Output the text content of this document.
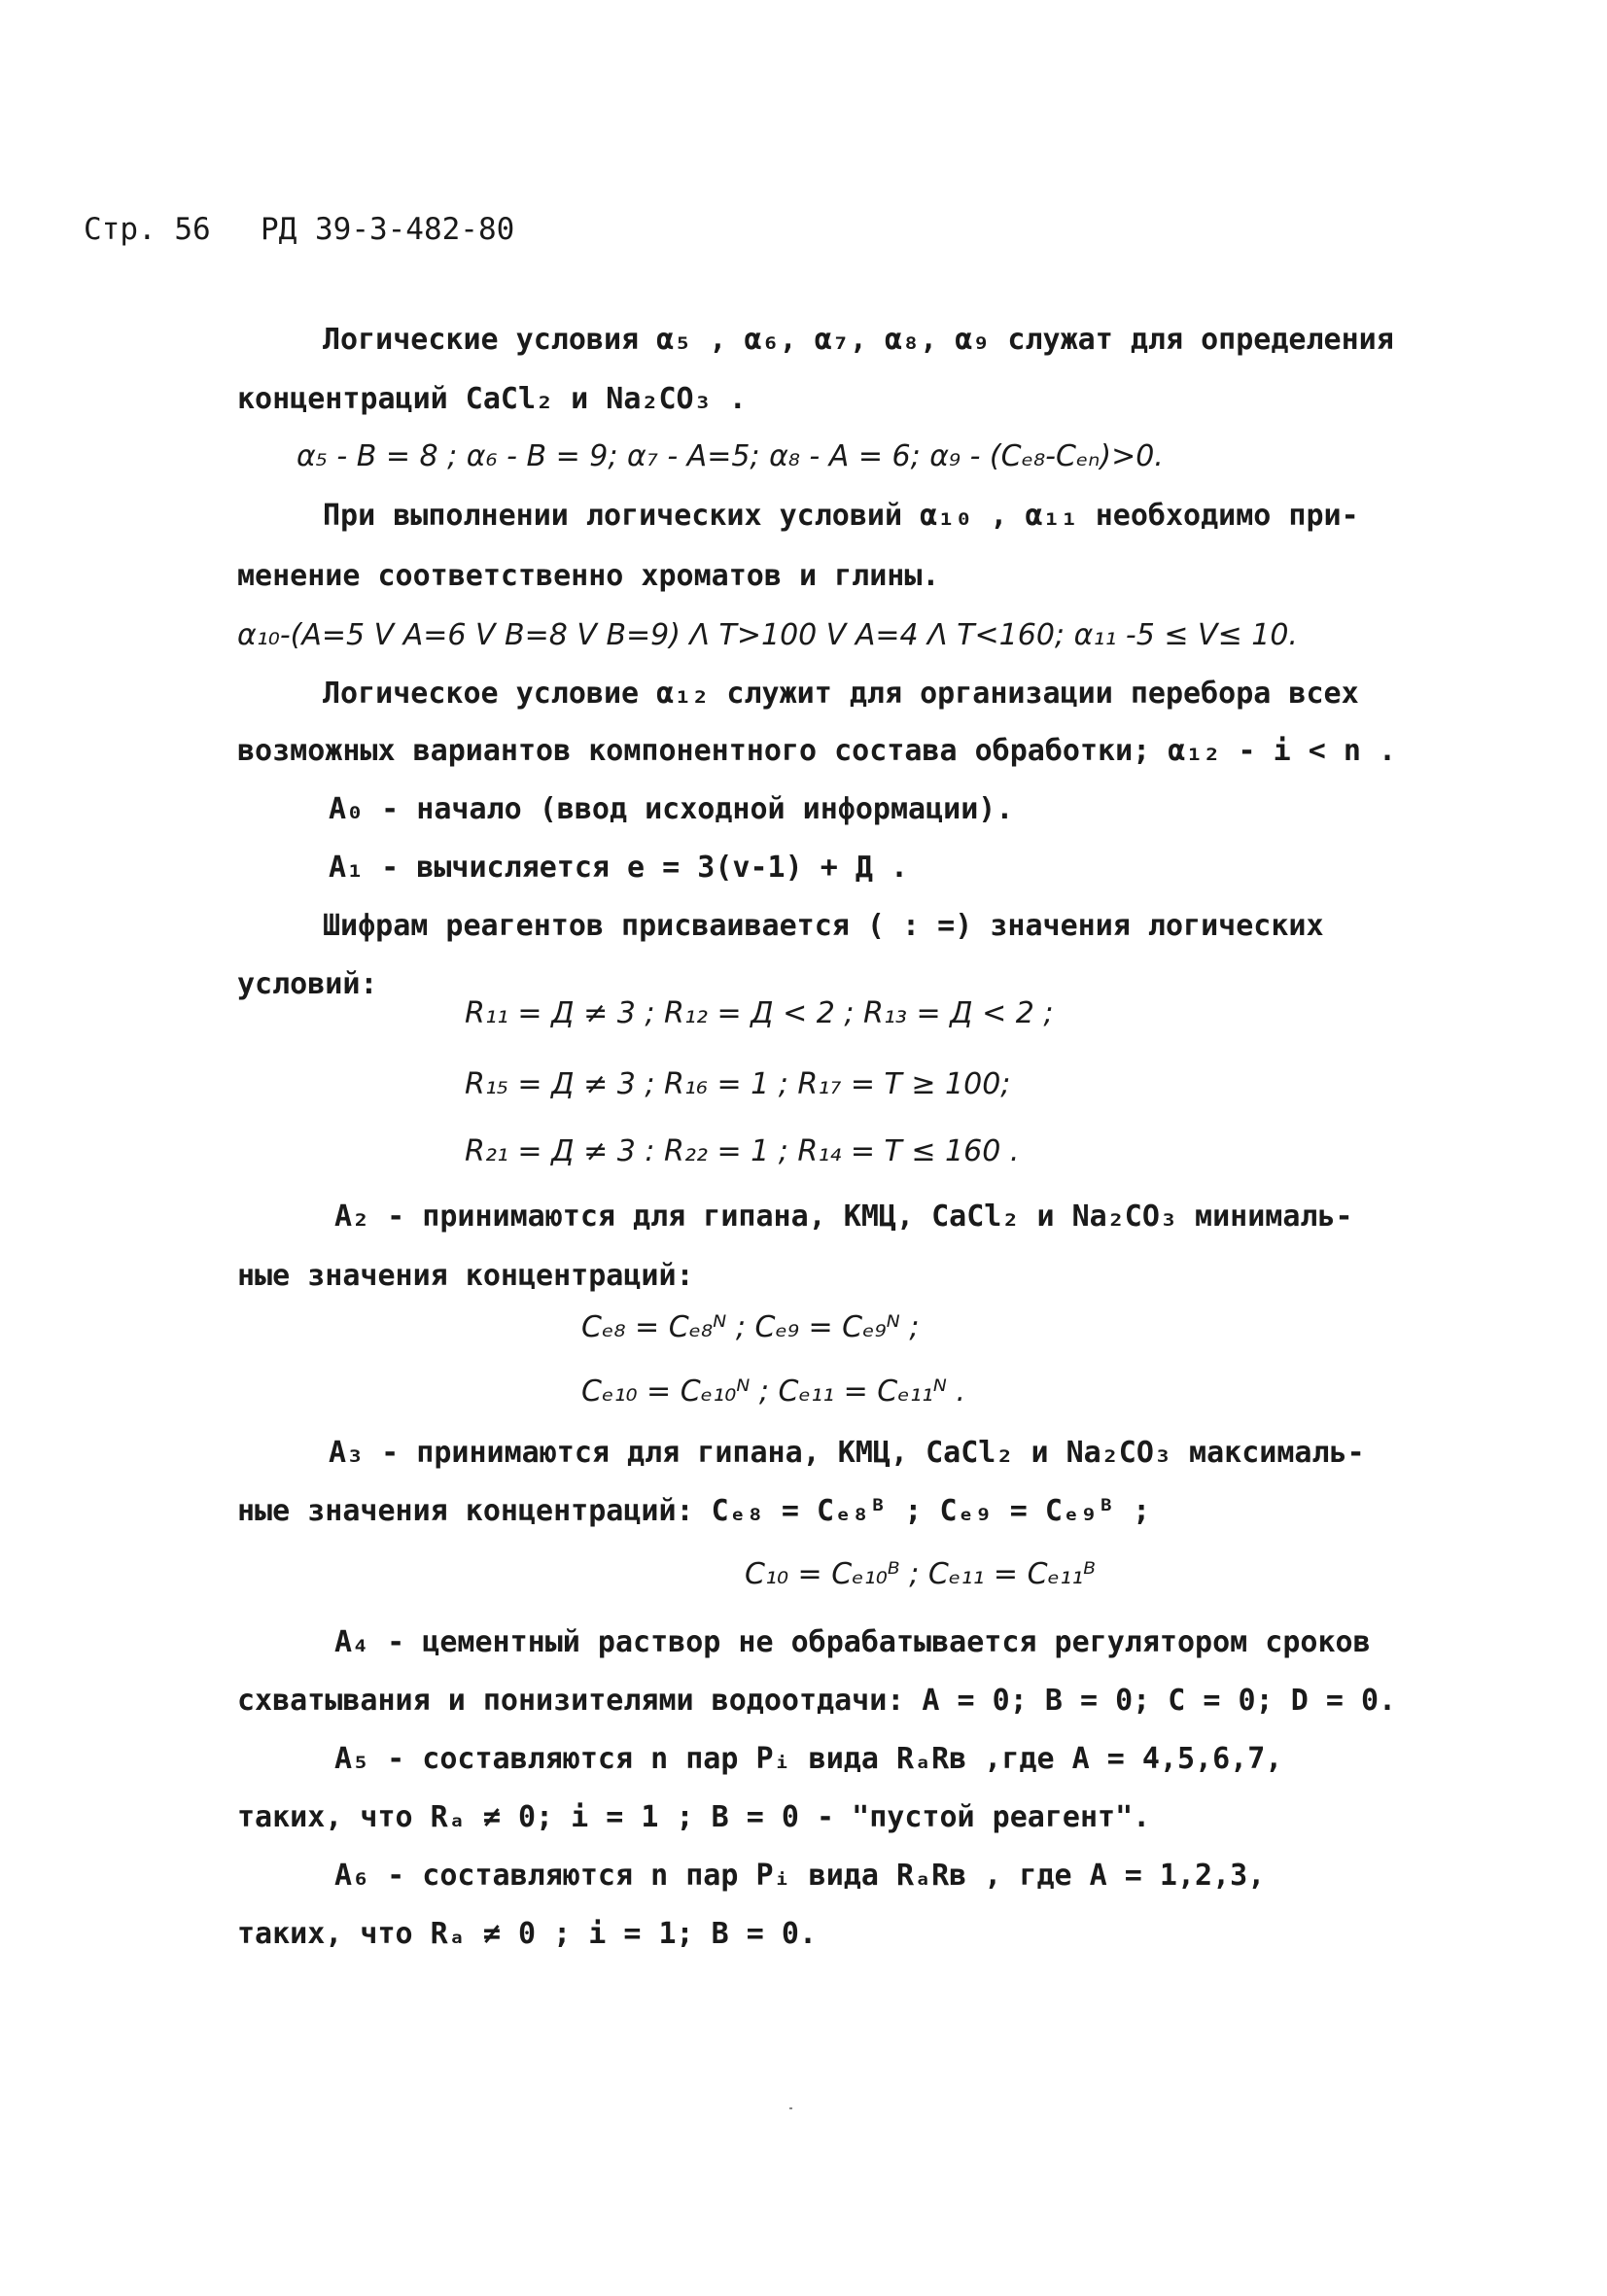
Стр. 56 РД 39-3-482-80
Логические условия α₅ , α₆, α₇, α₈, α₉ служат для определения
концентраций CaCl₂ и Na₂CO₃ .
α₅ - B = 8 ; α₆ - B = 9; α₇ - A=5; α₈ - A = 6; α₉ - (Cₑ₈-Cₑₙ)>0.
При выполнении логических условий α₁₀ , α₁₁ необходимо при-
менение соответственно хроматов и глины.
α₁₀-(A=5 V A=6 V B=8 V B=9) Λ T>100 V A=4 Λ T<160; α₁₁ -5 ≤ V≤ 10.
Логическое условие α₁₂ служит для организации перебора всех
возможных вариантов компонентного состава обработки; α₁₂ - i < n .
A₀ - начало (ввод исходной информации).
A₁ - вычисляется e = 3(v-1) + Д .
Шифрам реагентов присваивается ( : =) значения логических
условий:
R₁₁ = Д ≠ 3 ; R₁₂ = Д < 2 ; R₁₃ = Д < 2 ;
R₁₅ = Д ≠ 3 ; R₁₆ = 1 ; R₁₇ = T ≥ 100;
R₂₁ = Д ≠ 3 : R₂₂ = 1 ; R₁₄ = T ≤ 160 .
A₂ - принимаются для гипана, КМЦ, CaCl₂ и Na₂CO₃ минималь-
ные значения концентраций:
Cₑ₈ = Cₑ₈ᴺ ; Cₑ₉ = Cₑ₉ᴺ ;
Cₑ₁₀ = Cₑ₁₀ᴺ ; Cₑ₁₁ = Cₑ₁₁ᴺ .
A₃ - принимаются для гипана, КМЦ, CaCl₂ и Na₂CO₃ максималь-
ные значения концентраций: Cₑ₈ = Cₑ₈ᴮ ; Cₑ₉ = Cₑ₉ᴮ ;
C₁₀ = Cₑ₁₀ᴮ ; Cₑ₁₁ = Cₑ₁₁ᴮ
A₄ - цементный раствор не обрабатывается регулятором сроков
схватывания и понизителями водоотдачи: A = 0; B = 0; C = 0; D = 0.
A₅ - составляются n пар Pᵢ вида RₐRв ,где A = 4,5,6,7,
таких, что Rₐ ≠ 0; i = 1 ; B = 0 - "пустой реагент".
A₆ - составляются n пар Pᵢ вида RₐRв , где A = 1,2,3,
таких, что Rₐ ≠ 0 ; i = 1; B = 0.
